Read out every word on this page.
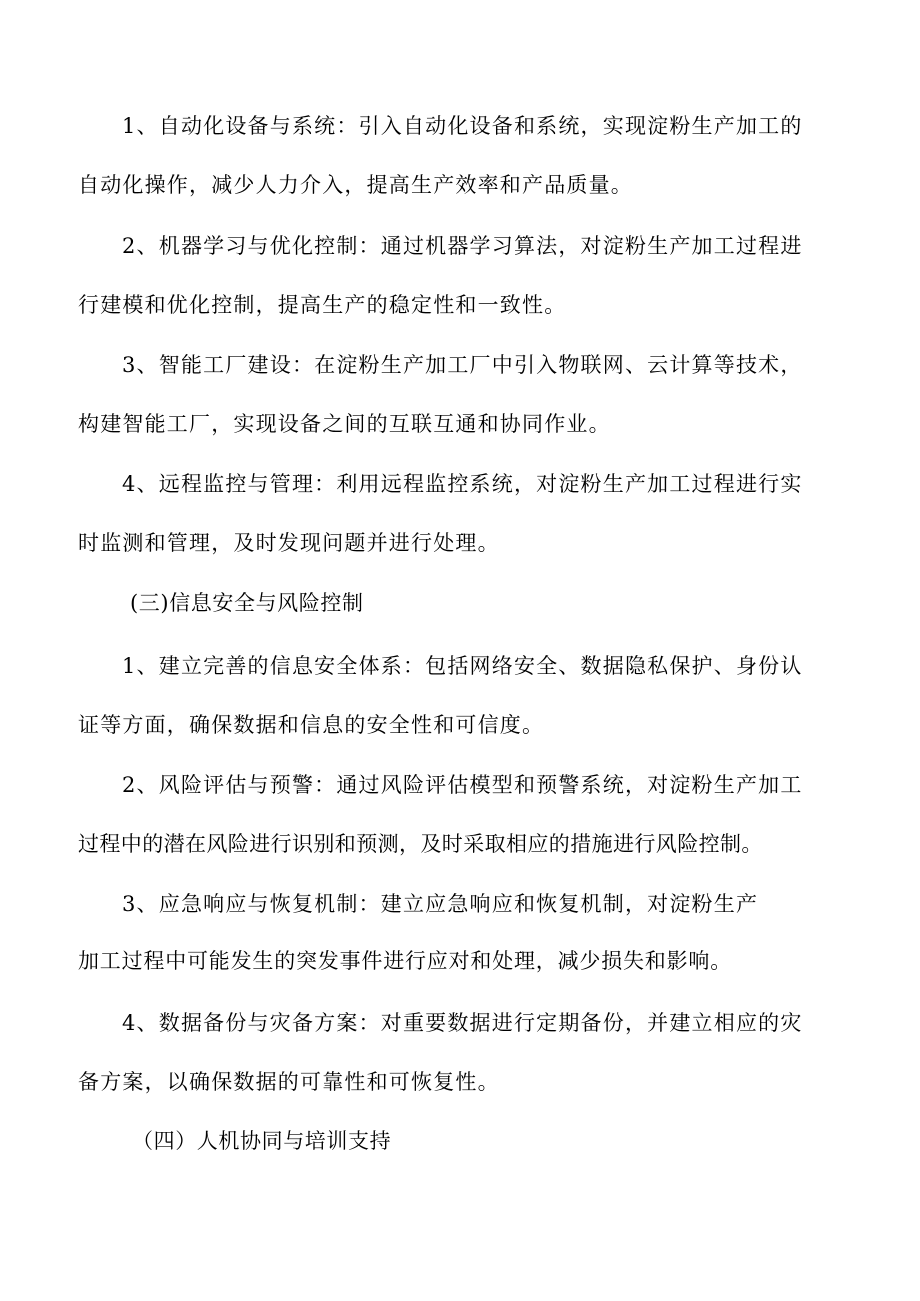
1、自动化设备与系统：引入自动化设备和系统，实现淀粉生产加工的
自动化操作，减少人力介入，提高生产效率和产品质量。
2、机器学习与优化控制：通过机器学习算法，对淀粉生产加工过程进
行建模和优化控制，提高生产的稳定性和一致性。
3、智能工厂建设：在淀粉生产加工厂中引入物联网、云计算等技术，
构建智能工厂，实现设备之间的互联互通和协同作业。
4、远程监控与管理：利用远程监控系统，对淀粉生产加工过程进行实
时监测和管理，及时发现问题并进行处理。
(三)信息安全与风险控制
1、建立完善的信息安全体系：包括网络安全、数据隐私保护、身份认
证等方面，确保数据和信息的安全性和可信度。
2、风险评估与预警：通过风险评估模型和预警系统，对淀粉生产加工
过程中的潜在风险进行识别和预测，及时采取相应的措施进行风险控制。
3、应急响应与恢复机制：建立应急响应和恢复机制，对淀粉生产
加工过程中可能发生的突发事件进行应对和处理，减少损失和影响。
4、数据备份与灾备方案：对重要数据进行定期备份，并建立相应的灾
备方案，以确保数据的可靠性和可恢复性。
（四）人机协同与培训支持
